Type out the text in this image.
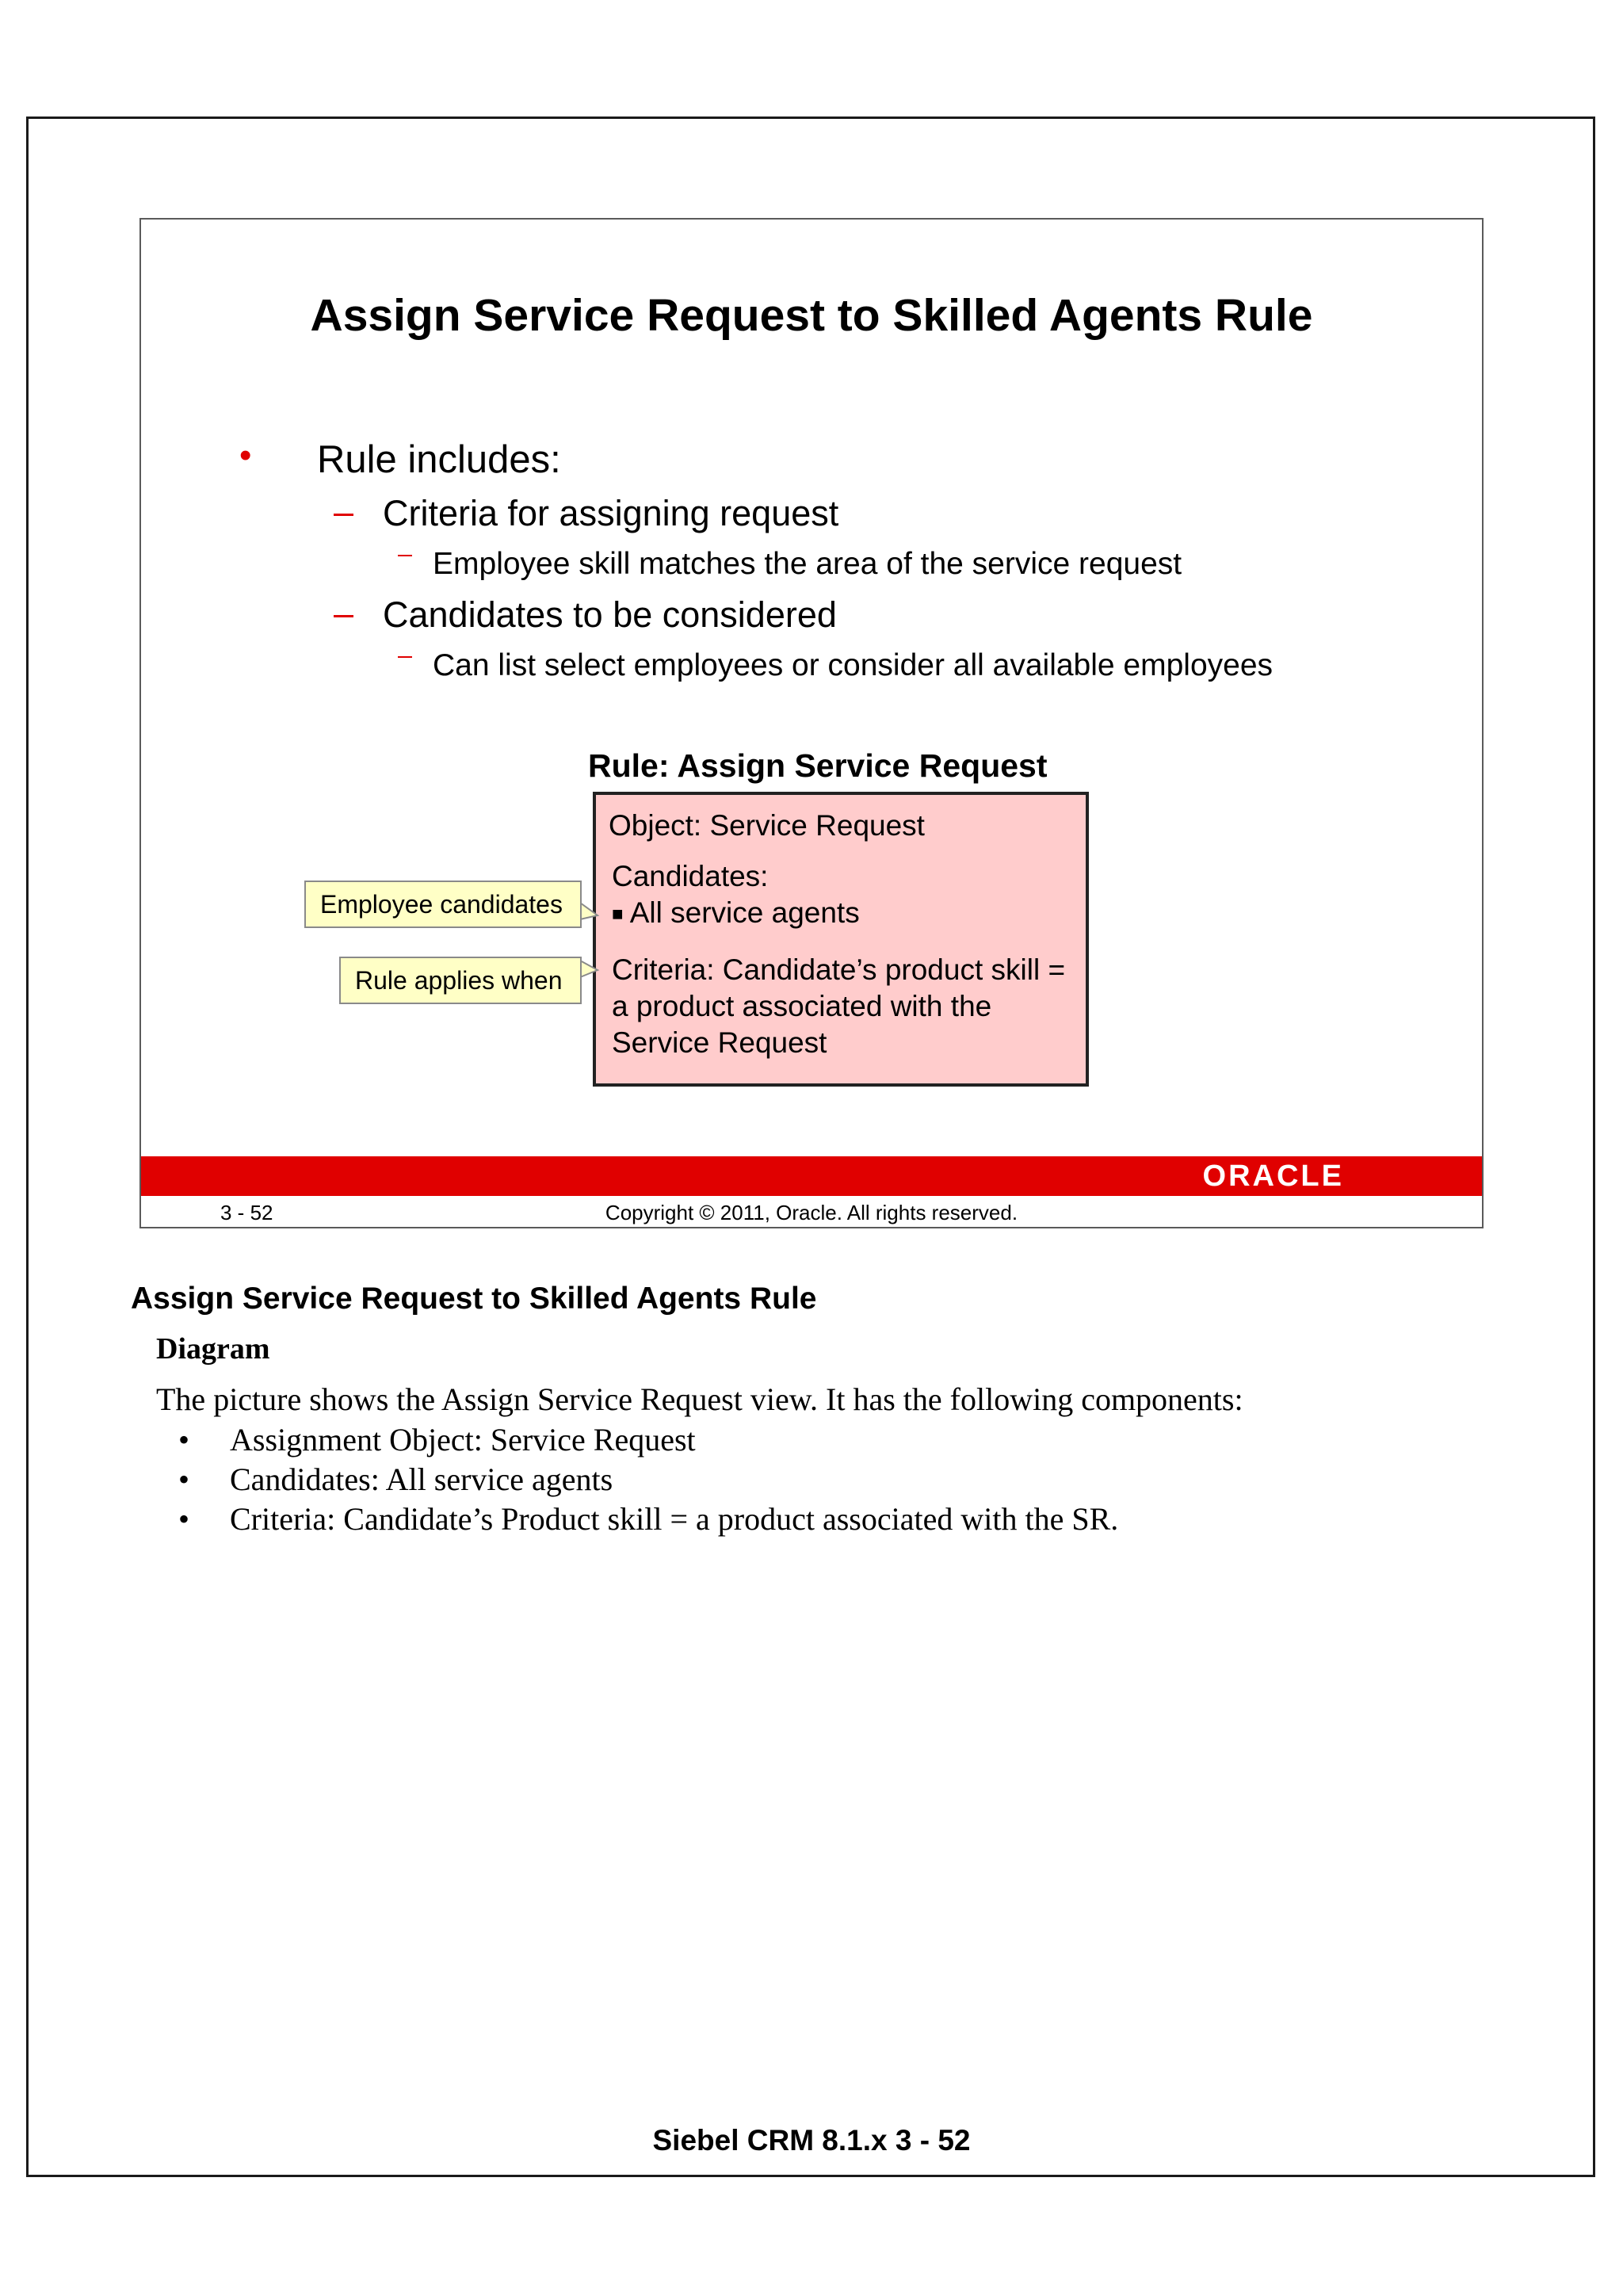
Assign Service Request to Skilled Agents Rule
• Rule includes:
– Criteria for assigning request
Employee skill matches the area of the service request
– Candidates to be considered
Can list select employees or consider all available employees
Rule: Assign Service Request
Object: Service Request
Candidates:
■ All service agents
Criteria: Candidate’s product skill =
a product associated with the
Service Request
Employee candidates
Rule applies when
ORACLE
3 - 52	Copyright © 2011, Oracle. All rights reserved.
Assign Service Request to Skilled Agents Rule
Diagram
The picture shows the Assign Service Request view. It has the following components:
• Assignment Object: Service Request
• Candidates: All service agents
• Criteria: Candidate’s Product skill = a product associated with the SR.
Siebel CRM 8.1.x 3 - 52
